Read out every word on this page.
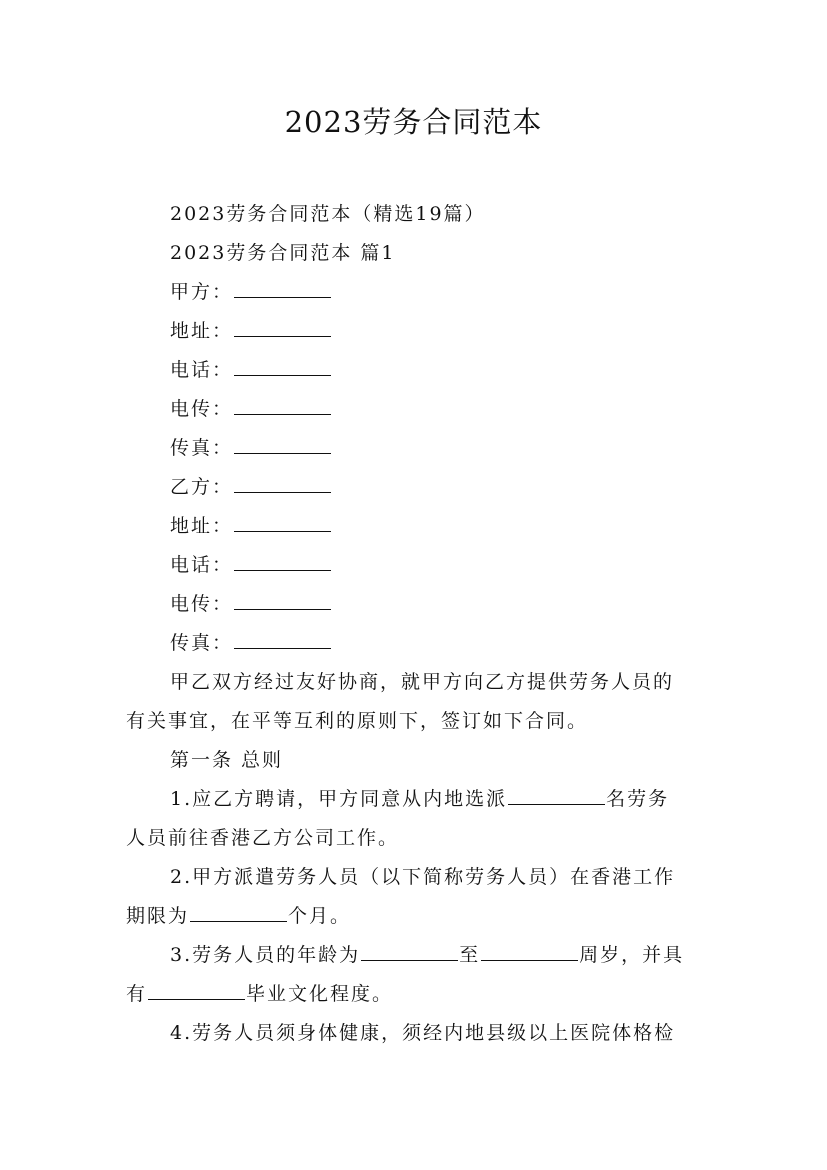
2023劳务合同范本
2023劳务合同范本（精选19篇）
2023劳务合同范本 篇1
甲方：
地址：
电话：
电传：
传真：
乙方：
地址：
电话：
电传：
传真：
甲乙双方经过友好协商，就甲方向乙方提供劳务人员的
有关事宜，在平等互利的原则下，签订如下合同。
第一条 总则
1.应乙方聘请，甲方同意从内地选派	名劳务
人员前往香港乙方公司工作。
2.甲方派遣劳务人员（以下简称劳务人员）在香港工作
期限为	个月。
3.劳务人员的年龄为	至	周岁，并具
有	毕业文化程度。
4.劳务人员须身体健康，须经内地县级以上医院体格检
